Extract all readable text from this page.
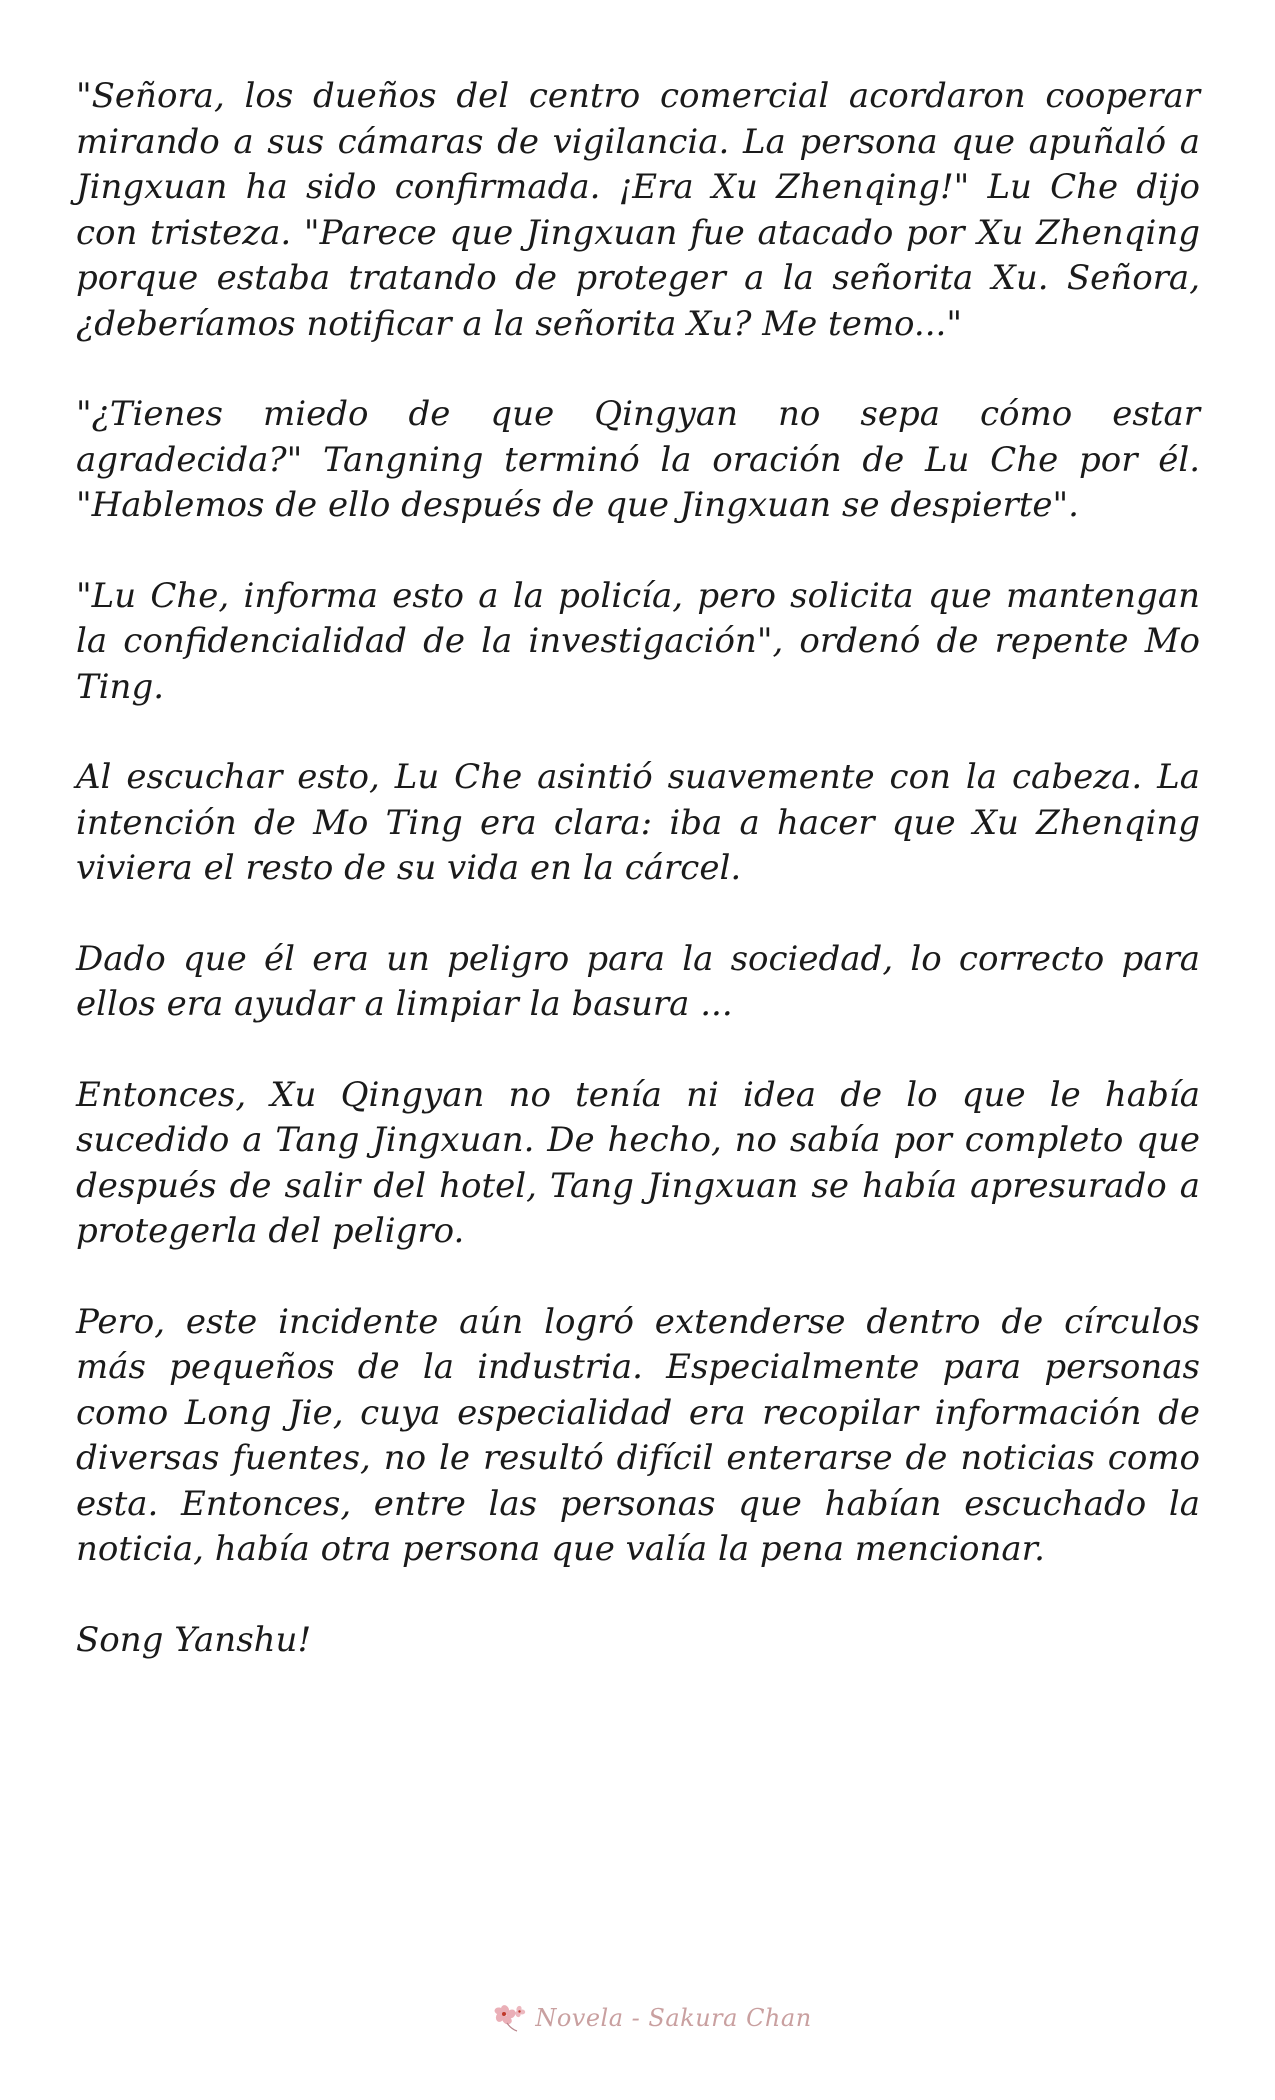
"Señora, los dueños del centro comercial acordaron cooperar mirando a sus cámaras de vigilancia. La persona que apuñaló a Jingxuan ha sido confirmada. ¡Era Xu Zhenqing!" Lu Che dijo con tristeza. "Parece que Jingxuan fue atacado por Xu Zhenqing porque estaba tratando de proteger a la señorita Xu. Señora, ¿deberíamos notificar a la señorita Xu? Me temo..."

"¿Tienes miedo de que Qingyan no sepa cómo estar agradecida?" Tangning terminó la oración de Lu Che por él. "Hablemos de ello después de que Jingxuan se despierte".

"Lu Che, informa esto a la policía, pero solicita que mantengan la confidencialidad de la investigación", ordenó de repente Mo Ting.

Al escuchar esto, Lu Che asintió suavemente con la cabeza. La intención de Mo Ting era clara: iba a hacer que Xu Zhenqing viviera el resto de su vida en la cárcel.

Dado que él era un peligro para la sociedad, lo correcto para ellos era ayudar a limpiar la basura ...

Entonces, Xu Qingyan no tenía ni idea de lo que le había sucedido a Tang Jingxuan. De hecho, no sabía por completo que después de salir del hotel, Tang Jingxuan se había apresurado a protegerla del peligro.

Pero, este incidente aún logró extenderse dentro de círculos más pequeños de la industria. Especialmente para personas como Long Jie, cuya especialidad era recopilar información de diversas fuentes, no le resultó difícil enterarse de noticias como esta. Entonces, entre las personas que habían escuchado la noticia, había otra persona que valía la pena mencionar.

Song Yanshu!

Novela - Sakura Chan
